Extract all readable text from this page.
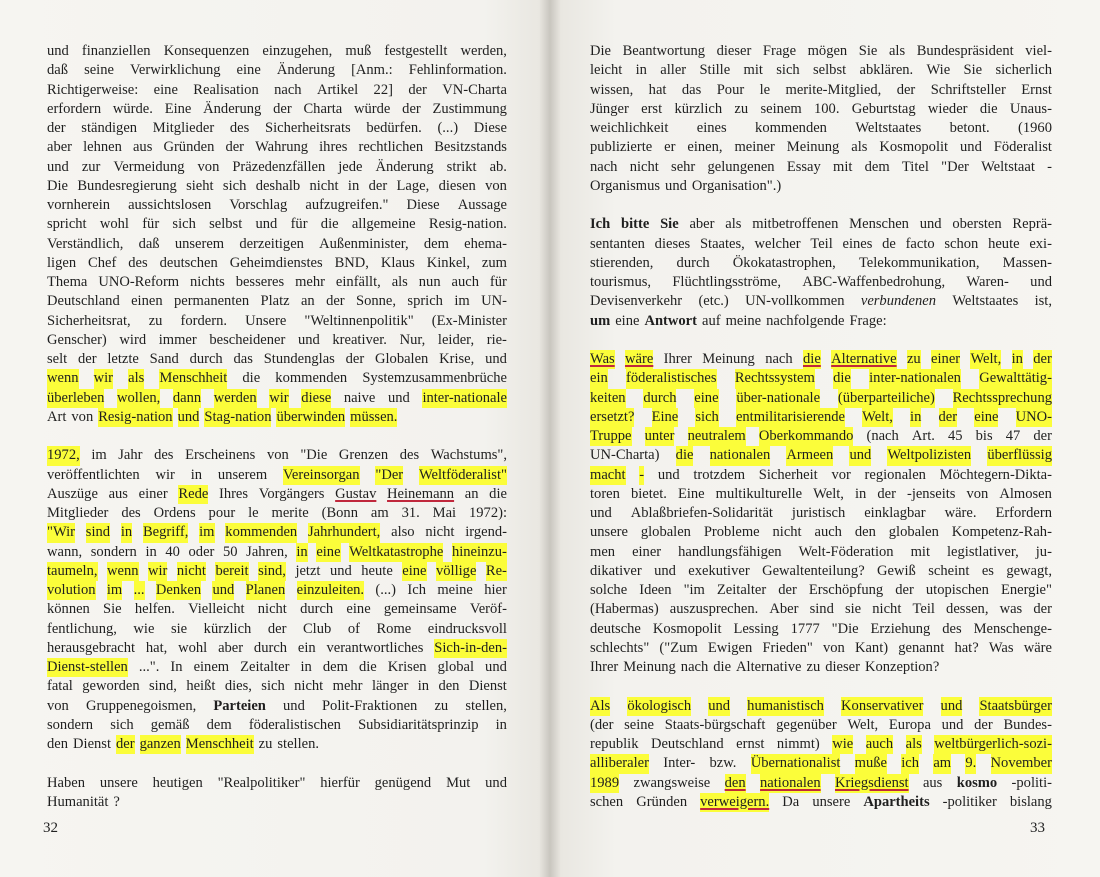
und finanziellen Konsequenzen einzugehen, muß festgestellt werden,
daß seine Verwirklichung eine Änderung [Anm.: Fehlinformation.
Richtigerweise: eine Realisation nach Artikel 22] der VN-Charta
erfordern würde. Eine Änderung der Charta würde der Zustimmung
der ständigen Mitglieder des Sicherheitsrats bedürfen. (...) Diese
aber lehnen aus Gründen der Wahrung ihres rechtlichen Besitzstands
und zur Vermeidung von Präzedenzfällen jede Änderung strikt ab.
Die Bundesregierung sieht sich deshalb nicht in der Lage, diesen von
vornherein aussichtslosen Vorschlag aufzugreifen." Diese Aussage
spricht wohl für sich selbst und für die allgemeine Resig-nation.
Verständlich, daß unserem derzeitigen Außenminister, dem ehema-
ligen Chef des deutschen Geheimdienstes BND, Klaus Kinkel, zum
Thema UNO-Reform nichts besseres mehr einfällt, als nun auch für
Deutschland einen permanenten Platz an der Sonne, sprich im UN-
Sicherheitsrat, zu fordern. Unsere "Weltinnenpolitik" (Ex-Minister
Genscher) wird immer bescheidener und kreativer. Nur, leider, rie-
selt der letzte Sand durch das Stundenglas der Globalen Krise, und
wenn wir als Menschheit die kommenden Systemzusammenbrüche
überleben wollen, dann werden wir diese naive und inter-nationale
Art von Resig-nation und Stag-nation überwinden müssen.
1972, im Jahr des Erscheinens von "Die Grenzen des Wachstums",
veröffentlichten wir in unserem Vereinsorgan "Der Weltföderalist"
Auszüge aus einer Rede Ihres Vorgängers Gustav Heinemann an die
Mitglieder des Ordens pour le merite (Bonn am 31. Mai 1972):
"Wir sind in Begriff, im kommenden Jahrhundert, also nicht irgend-
wann, sondern in 40 oder 50 Jahren, in eine Weltkatastrophe hineinzu-
taumeln, wenn wir nicht bereit sind, jetzt und heute eine völlige Re-
volution im ... Denken und Planen einzuleiten. (...) Ich meine hier
können Sie helfen. Vielleicht nicht durch eine gemeinsame Veröf-
fentlichung, wie sie kürzlich der Club of Rome eindrucksvoll
herausgebracht hat, wohl aber durch ein verantwortliches Sich-in-den-
Dienst-stellen ...". In einem Zeitalter in dem die Krisen global und
fatal geworden sind, heißt dies, sich nicht mehr länger in den Dienst
von Gruppenegoismen, Parteien und Polit-Fraktionen zu stellen,
sondern sich gemäß dem föderalistischen Subsidiaritätsprinzip in
den Dienst der ganzen Menschheit zu stellen.
Haben unsere heutigen "Realpolitiker" hierfür genügend Mut und
Humanität ?
32
Die Beantwortung dieser Frage mögen Sie als Bundespräsident viel-
leicht in aller Stille mit sich selbst abklären. Wie Sie sicherlich
wissen, hat das Pour le merite-Mitglied, der Schriftsteller Ernst
Jünger erst kürzlich zu seinem 100. Geburtstag wieder die Unaus-
weichlichkeit eines kommenden Weltstaates betont. (1960
publizierte er einen, meiner Meinung als Kosmopolit und Föderalist
nach nicht sehr gelungenen Essay mit dem Titel "Der Weltstaat -
Organismus und Organisation".)
Ich bitte Sie aber als mitbetroffenen Menschen und obersten Reprä-
sentanten dieses Staates, welcher Teil eines de facto schon heute exi-
stierenden, durch Ökokatastrophen, Telekommunikation, Massen-
tourismus, Flüchtlingsströme, ABC-Waffenbedrohung, Waren- und
Devisenverkehr (etc.) UN-vollkommen verbundenen Weltstaates ist,
um eine Antwort auf meine nachfolgende Frage:
Was wäre Ihrer Meinung nach die Alternative zu einer Welt, in der
ein föderalistisches Rechtssystem die inter-nationalen Gewalttätig-
keiten durch eine über-nationale (überparteiliche) Rechtssprechung
ersetzt? Eine sich entmilitarisierende Welt, in der eine UNO-
Truppe unter neutralem Oberkommando (nach Art. 45 bis 47 der
UN-Charta) die nationalen Armeen und Weltpolizisten überflüssig
macht - und trotzdem Sicherheit vor regionalen Möchtegern-Dikta-
toren bietet. Eine multikulturelle Welt, in der -jenseits von Almosen
und Ablaßbriefen-Solidarität juristisch einklagbar wäre. Erfordern
unsere globalen Probleme nicht auch den globalen Kompetenz-Rah-
men einer handlungsfähigen Welt-Föderation mit legistlativer, ju-
dikativer und exekutiver Gewaltenteilung? Gewiß scheint es gewagt,
solche Ideen "im Zeitalter der Erschöpfung der utopischen Energie"
(Habermas) auszusprechen. Aber sind sie nicht Teil dessen, was der
deutsche Kosmopolit Lessing 1777 "Die Erziehung des Menschenge-
schlechts" ("Zum Ewigen Frieden" von Kant) genannt hat? Was wäre
Ihrer Meinung nach die Alternative zu dieser Konzeption?
Als ökologisch und humanistisch Konservativer und Staatsbürger
(der seine Staats-bürgschaft gegenüber Welt, Europa und der Bundes-
republik Deutschland ernst nimmt) wie auch als weltbürgerlich-sozi-
alliberaler Inter- bzw. Übernationalist muße ich am 9. November
1989 zwangsweise den nationalen Kriegsdienst aus kosmo -politi-
schen Gründen verweigern. Da unsere Apartheits -politiker bislang
33
